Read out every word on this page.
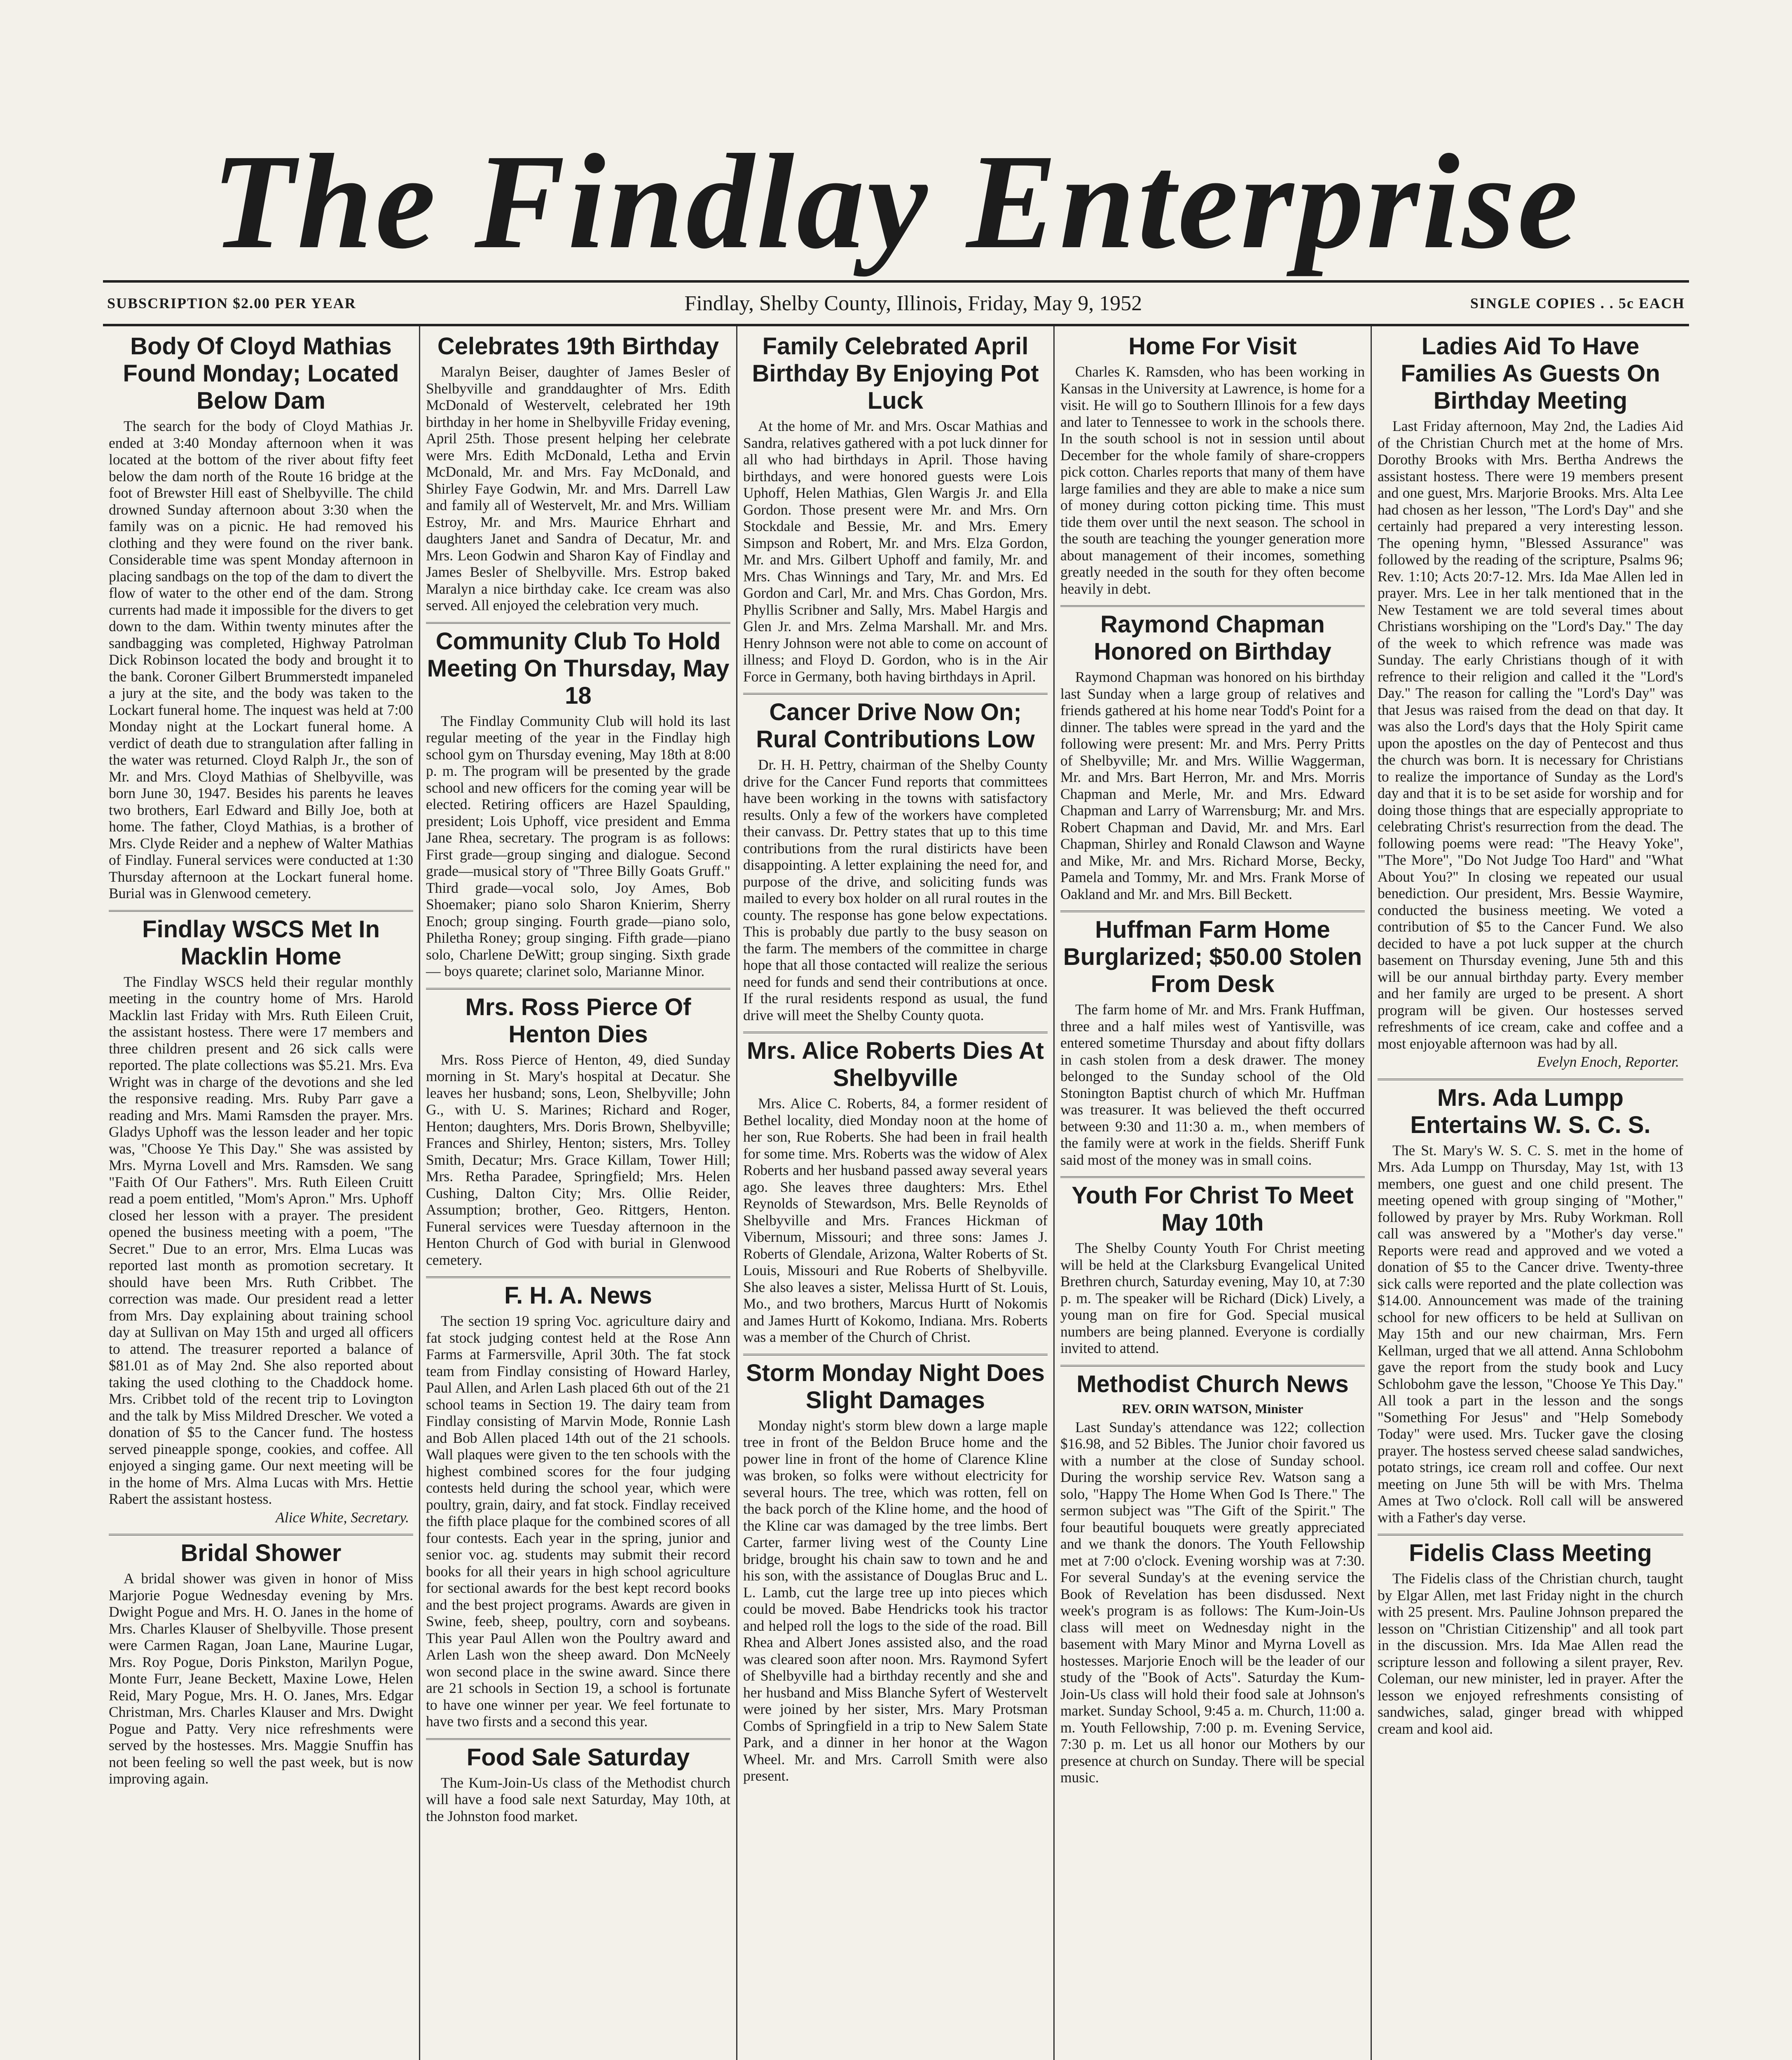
The Findlay Enterprise
SUBSCRIPTION $2.00 PER YEAR	Findlay, Shelby County, Illinois, Friday, May 9, 1952	SINGLE COPIES . . 5c EACH
Body Of Cloyd Mathias Found Monday; Located Below Dam

The search for the body of Cloyd Mathias Jr. ended at 3:40 Monday afternoon when it was located at the bottom of the river about fifty feet below the dam north of the Route 16 bridge at the foot of Brewster Hill east of Shelbyville. The child drowned Sunday afternoon about 3:30 when the family was on a picnic. He had removed his clothing and they were found on the river bank. Considerable time was spent Monday afternoon in placing sandbags on the top of the dam to divert the flow of water to the other end of the dam. Strong currents had made it impossible for the divers to get down to the dam. Within twenty minutes after the sandbagging was completed, Highway Patrolman Dick Robinson located the body and brought it to the bank. Coroner Gilbert Brummerstedt impaneled a jury at the site, and the body was taken to the Lockart funeral home. The inquest was held at 7:00 Monday night at the Lockart funeral home. A verdict of death due to strangulation after falling in the water was returned. Cloyd Ralph Jr., the son of Mr. and Mrs. Cloyd Mathias of Shelbyville, was born June 30, 1947. Besides his parents he leaves two brothers, Earl Edward and Billy Joe, both at home. The father, Cloyd Mathias, is a brother of Mrs. Clyde Reider and a nephew of Walter Mathias of Findlay. Funeral services were conducted at 1:30 Thursday afternoon at the Lockart funeral home. Burial was in Glenwood cemetery.

Findlay WSCS Met In Macklin Home

The Findlay WSCS held their regular monthly meeting in the country home of Mrs. Harold Macklin last Friday with Mrs. Ruth Eileen Cruit, the assistant hostess. There were 17 members and three children present and 26 sick calls were reported. The plate collections was $5.21. Mrs. Eva Wright was in charge of the devotions and she led the responsive reading. Mrs. Ruby Parr gave a reading and Mrs. Mami Ramsden the prayer. Mrs. Gladys Uphoff was the lesson leader and her topic was, "Choose Ye This Day." She was assisted by Mrs. Myrna Lovell and Mrs. Ramsden. We sang "Faith Of Our Fathers". Mrs. Ruth Eileen Cruitt read a poem entitled, "Mom's Apron." Mrs. Uphoff closed her lesson with a prayer. The president opened the business meeting with a poem, "The Secret." Due to an error, Mrs. Elma Lucas was reported last month as promotion secretary. It should have been Mrs. Ruth Cribbet. The correction was made. Our president read a letter from Mrs. Day explaining about training school day at Sullivan on May 15th and urged all officers to attend. The treasurer reported a balance of $81.01 as of May 2nd. She also reported about taking the used clothing to the Chaddock home. Mrs. Cribbet told of the recent trip to Lovington and the talk by Miss Mildred Drescher. We voted a donation of $5 to the Cancer fund. The hostess served pineapple sponge, cookies, and coffee. All enjoyed a singing game. Our next meeting will be in the home of Mrs. Alma Lucas with Mrs. Hettie Rabert the assistant hostess.

Alice White, Secretary.
Bridal Shower

A bridal shower was given in honor of Miss Marjorie Pogue Wednesday evening by Mrs. Dwight Pogue and Mrs. H. O. Janes in the home of Mrs. Charles Klauser of Shelbyville. Those present were Carmen Ragan, Joan Lane, Maurine Lugar, Mrs. Roy Pogue, Doris Pinkston, Marilyn Pogue, Monte Furr, Jeane Beckett, Maxine Lowe, Helen Reid, Mary Pogue, Mrs. H. O. Janes, Mrs. Edgar Christman, Mrs. Charles Klauser and Mrs. Dwight Pogue and Patty. Very nice refreshments were served by the hostesses. Mrs. Maggie Snuffin has not been feeling so well the past week, but is now improving again.

Celebrates 19th Birthday

Maralyn Beiser, daughter of James Besler of Shelbyville and granddaughter of Mrs. Edith McDonald of Westervelt, celebrated her 19th birthday in her home in Shelbyville Friday evening, April 25th. Those present helping her celebrate were Mrs. Edith McDonald, Letha and Ervin McDonald, Mr. and Mrs. Fay McDonald, and Shirley Faye Godwin, Mr. and Mrs. Darrell Law and family all of Westervelt, Mr. and Mrs. William Estroy, Mr. and Mrs. Maurice Ehrhart and daughters Janet and Sandra of Decatur, Mr. and Mrs. Leon Godwin and Sharon Kay of Findlay and James Besler of Shelbyville. Mrs. Estrop baked Maralyn a nice birthday cake. Ice cream was also served. All enjoyed the celebration very much.

Community Club To Hold Meeting On Thursday, May 18

The Findlay Community Club will hold its last regular meeting of the year in the Findlay high school gym on Thursday evening, May 18th at 8:00 p. m. The program will be presented by the grade school and new officers for the coming year will be elected. Retiring officers are Hazel Spaulding, president; Lois Uphoff, vice president and Emma Jane Rhea, secretary. The program is as follows: First grade—group singing and dialogue. Second grade—musical story of "Three Billy Goats Gruff." Third grade—vocal solo, Joy Ames, Bob Shoemaker; piano solo Sharon Knierim, Sherry Enoch; group singing. Fourth grade—piano solo, Philetha Roney; group singing. Fifth grade—piano solo, Charlene DeWitt; group singing. Sixth grade — boys quarete; clarinet solo, Marianne Minor.

Mrs. Ross Pierce Of Henton Dies

Mrs. Ross Pierce of Henton, 49, died Sunday morning in St. Mary's hospital at Decatur. She leaves her husband; sons, Leon, Shelbyville; John G., with U. S. Marines; Richard and Roger, Henton; daughters, Mrs. Doris Brown, Shelbyville; Frances and Shirley, Henton; sisters, Mrs. Tolley Smith, Decatur; Mrs. Grace Killam, Tower Hill; Mrs. Retha Paradee, Springfield; Mrs. Helen Cushing, Dalton City; Mrs. Ollie Reider, Assumption; brother, Geo. Rittgers, Henton. Funeral services were Tuesday afternoon in the Henton Church of God with burial in Glenwood cemetery.

F. H. A. News

The section 19 spring Voc. agriculture dairy and fat stock judging contest held at the Rose Ann Farms at Farmersville, April 30th. The fat stock team from Findlay consisting of Howard Harley, Paul Allen, and Arlen Lash placed 6th out of the 21 school teams in Section 19. The dairy team from Findlay consisting of Marvin Mode, Ronnie Lash and Bob Allen placed 14th out of the 21 schools. Wall plaques were given to the ten schools with the highest combined scores for the four judging contests held during the school year, which were poultry, grain, dairy, and fat stock. Findlay received the fifth place plaque for the combined scores of all four contests. Each year in the spring, junior and senior voc. ag. students may submit their record books for all their years in high school agriculture for sectional awards for the best kept record books and the best project programs. Awards are given in Swine, feeb, sheep, poultry, corn and soybeans. This year Paul Allen won the Poultry award and Arlen Lash won the sheep award. Don McNeely won second place in the swine award. Since there are 21 schools in Section 19, a school is fortunate to have one winner per year. We feel fortunate to have two firsts and a second this year.

Food Sale Saturday

The Kum-Join-Us class of the Methodist church will have a food sale next Saturday, May 10th, at the Johnston food market.

Family Celebrated April Birthday By Enjoying Pot Luck

At the home of Mr. and Mrs. Oscar Mathias and Sandra, relatives gathered with a pot luck dinner for all who had birthdays in April. Those having birthdays, and were honored guests were Lois Uphoff, Helen Mathias, Glen Wargis Jr. and Ella Gordon. Those present were Mr. and Mrs. Orn Stockdale and Bessie, Mr. and Mrs. Emery Simpson and Robert, Mr. and Mrs. Elza Gordon, Mr. and Mrs. Gilbert Uphoff and family, Mr. and Mrs. Chas Winnings and Tary, Mr. and Mrs. Ed Gordon and Carl, Mr. and Mrs. Chas Gordon, Mrs. Phyllis Scribner and Sally, Mrs. Mabel Hargis and Glen Jr. and Mrs. Zelma Marshall. Mr. and Mrs. Henry Johnson were not able to come on account of illness; and Floyd D. Gordon, who is in the Air Force in Germany, both having birthdays in April.

Cancer Drive Now On; Rural Contributions Low

Dr. H. H. Pettry, chairman of the Shelby County drive for the Cancer Fund reports that committees have been working in the towns with satisfactory results. Only a few of the workers have completed their canvass. Dr. Pettry states that up to this time contributions from the rural distiricts have been disappointing. A letter explaining the need for, and purpose of the drive, and soliciting funds was mailed to every box holder on all rural routes in the county. The response has gone below expectations. This is probably due partly to the busy season on the farm. The members of the committee in charge hope that all those contacted will realize the serious need for funds and send their contributions at once. If the rural residents respond as usual, the fund drive will meet the Shelby County quota.

Mrs. Alice Roberts Dies At Shelbyville

Mrs. Alice C. Roberts, 84, a former resident of Bethel locality, died Monday noon at the home of her son, Rue Roberts. She had been in frail health for some time. Mrs. Roberts was the widow of Alex Roberts and her husband passed away several years ago. She leaves three daughters: Mrs. Ethel Reynolds of Stewardson, Mrs. Belle Reynolds of Shelbyville and Mrs. Frances Hickman of Vibernum, Missouri; and three sons: James J. Roberts of Glendale, Arizona, Walter Roberts of St. Louis, Missouri and Rue Roberts of Shelbyville. She also leaves a sister, Melissa Hurtt of St. Louis, Mo., and two brothers, Marcus Hurtt of Nokomis and James Hurtt of Kokomo, Indiana. Mrs. Roberts was a member of the Church of Christ.

Storm Monday Night Does Slight Damages

Monday night's storm blew down a large maple tree in front of the Beldon Bruce home and the power line in front of the home of Clarence Kline was broken, so folks were without electricity for several hours. The tree, which was rotten, fell on the back porch of the Kline home, and the hood of the Kline car was damaged by the tree limbs. Bert Carter, farmer living west of the County Line bridge, brought his chain saw to town and he and his son, with the assistance of Douglas Bruc and L. L. Lamb, cut the large tree up into pieces which could be moved. Babe Hendricks took his tractor and helped roll the logs to the side of the road. Bill Rhea and Albert Jones assisted also, and the road was cleared soon after noon. Mrs. Raymond Syfert of Shelbyville had a birthday recently and she and her husband and Miss Blanche Syfert of Westervelt were joined by her sister, Mrs. Mary Protsman Combs of Springfield in a trip to New Salem State Park, and a dinner in her honor at the Wagon Wheel. Mr. and Mrs. Carroll Smith were also present.

Home For Visit

Charles K. Ramsden, who has been working in Kansas in the University at Lawrence, is home for a visit. He will go to Southern Illinois for a few days and later to Tennessee to work in the schools there. In the south school is not in session until about December for the whole family of share-croppers pick cotton. Charles reports that many of them have large families and they are able to make a nice sum of money during cotton picking time. This must tide them over until the next season. The school in the south are teaching the younger generation more about management of their incomes, something greatly needed in the south for they often become heavily in debt.

Raymond Chapman Honored on Birthday

Raymond Chapman was honored on his birthday last Sunday when a large group of relatives and friends gathered at his home near Todd's Point for a dinner. The tables were spread in the yard and the following were present: Mr. and Mrs. Perry Pritts of Shelbyville; Mr. and Mrs. Willie Waggerman, Mr. and Mrs. Bart Herron, Mr. and Mrs. Morris Chapman and Merle, Mr. and Mrs. Edward Chapman and Larry of Warrensburg; Mr. and Mrs. Robert Chapman and David, Mr. and Mrs. Earl Chapman, Shirley and Ronald Clawson and Wayne and Mike, Mr. and Mrs. Richard Morse, Becky, Pamela and Tommy, Mr. and Mrs. Frank Morse of Oakland and Mr. and Mrs. Bill Beckett.

Huffman Farm Home Burglarized; $50.00 Stolen From Desk

The farm home of Mr. and Mrs. Frank Huffman, three and a half miles west of Yantisville, was entered sometime Thursday and about fifty dollars in cash stolen from a desk drawer. The money belonged to the Sunday school of the Old Stonington Baptist church of which Mr. Huffman was treasurer. It was believed the theft occurred between 9:30 and 11:30 a. m., when members of the family were at work in the fields. Sheriff Funk said most of the money was in small coins.

Youth For Christ To Meet May 10th

The Shelby County Youth For Christ meeting will be held at the Clarksburg Evangelical United Brethren church, Saturday evening, May 10, at 7:30 p. m. The speaker will be Richard (Dick) Lively, a young man on fire for God. Special musical numbers are being planned. Everyone is cordially invited to attend.

Methodist Church News
REV. ORIN WATSON, Minister

Last Sunday's attendance was 122; collection $16.98, and 52 Bibles. The Junior choir favored us with a number at the close of Sunday school. During the worship service Rev. Watson sang a solo, "Happy The Home When God Is There." The sermon subject was "The Gift of the Spirit." The four beautiful bouquets were greatly appreciated and we thank the donors. The Youth Fellowship met at 7:00 o'clock. Evening worship was at 7:30. For several Sunday's at the evening service the Book of Revelation has been disdussed. Next week's program is as follows: The Kum-Join-Us class will meet on Wednesday night in the basement with Mary Minor and Myrna Lovell as hostesses. Marjorie Enoch will be the leader of our study of the "Book of Acts". Saturday the Kum-Join-Us class will hold their food sale at Johnson's market. Sunday School, 9:45 a. m. Church, 11:00 a. m. Youth Fellowship, 7:00 p. m. Evening Service, 7:30 p. m. Let us all honor our Mothers by our presence at church on Sunday. There will be special music.

Ladies Aid To Have Families As Guests On Birthday Meeting

Last Friday afternoon, May 2nd, the Ladies Aid of the Christian Church met at the home of Mrs. Dorothy Brooks with Mrs. Bertha Andrews the assistant hostess. There were 19 members present and one guest, Mrs. Marjorie Brooks. Mrs. Alta Lee had chosen as her lesson, "The Lord's Day" and she certainly had prepared a very interesting lesson. The opening hymn, "Blessed Assurance" was followed by the reading of the scripture, Psalms 96; Rev. 1:10; Acts 20:7-12. Mrs. Ida Mae Allen led in prayer. Mrs. Lee in her talk mentioned that in the New Testament we are told several times about Christians worshiping on the "Lord's Day." The day of the week to which refrence was made was Sunday. The early Christians though of it with refrence to their religion and called it the "Lord's Day." The reason for calling the "Lord's Day" was that Jesus was raised from the dead on that day. It was also the Lord's days that the Holy Spirit came upon the apostles on the day of Pentecost and thus the church was born. It is necessary for Christians to realize the importance of Sunday as the Lord's day and that it is to be set aside for worship and for doing those things that are especially appropriate to celebrating Christ's resurrection from the dead. The following poems were read: "The Heavy Yoke", "The More", "Do Not Judge Too Hard" and "What About You?" In closing we repeated our usual benediction. Our president, Mrs. Bessie Waymire, conducted the business meeting. We voted a contribution of $5 to the Cancer Fund. We also decided to have a pot luck supper at the church basement on Thursday evening, June 5th and this will be our annual birthday party. Every member and her family are urged to be present. A short program will be given. Our hostesses served refreshments of ice cream, cake and coffee and a most enjoyable afternoon was had by all.

Evelyn Enoch, Reporter.
Mrs. Ada Lumpp Entertains W. S. C. S.

The St. Mary's W. S. C. S. met in the home of Mrs. Ada Lumpp on Thursday, May 1st, with 13 members, one guest and one child present. The meeting opened with group singing of "Mother," followed by prayer by Mrs. Ruby Workman. Roll call was answered by a "Mother's day verse." Reports were read and approved and we voted a donation of $5 to the Cancer drive. Twenty-three sick calls were reported and the plate collection was $14.00. Announcement was made of the training school for new officers to be held at Sullivan on May 15th and our new chairman, Mrs. Fern Kellman, urged that we all attend. Anna Schlobohm gave the report from the study book and Lucy Schlobohm gave the lesson, "Choose Ye This Day." All took a part in the lesson and the songs "Something For Jesus" and "Help Somebody Today" were used. Mrs. Tucker gave the closing prayer. The hostess served cheese salad sandwiches, potato strings, ice cream roll and coffee. Our next meeting on June 5th will be with Mrs. Thelma Ames at Two o'clock. Roll call will be answered with a Father's day verse.

Fidelis Class Meeting

The Fidelis class of the Christian church, taught by Elgar Allen, met last Friday night in the church with 25 present. Mrs. Pauline Johnson prepared the lesson on "Christian Citizenship" and all took part in the discussion. Mrs. Ida Mae Allen read the scripture lesson and following a silent prayer, Rev. Coleman, our new minister, led in prayer. After the lesson we enjoyed refreshments consisting of sandwiches, salad, ginger bread with whipped cream and kool aid.
